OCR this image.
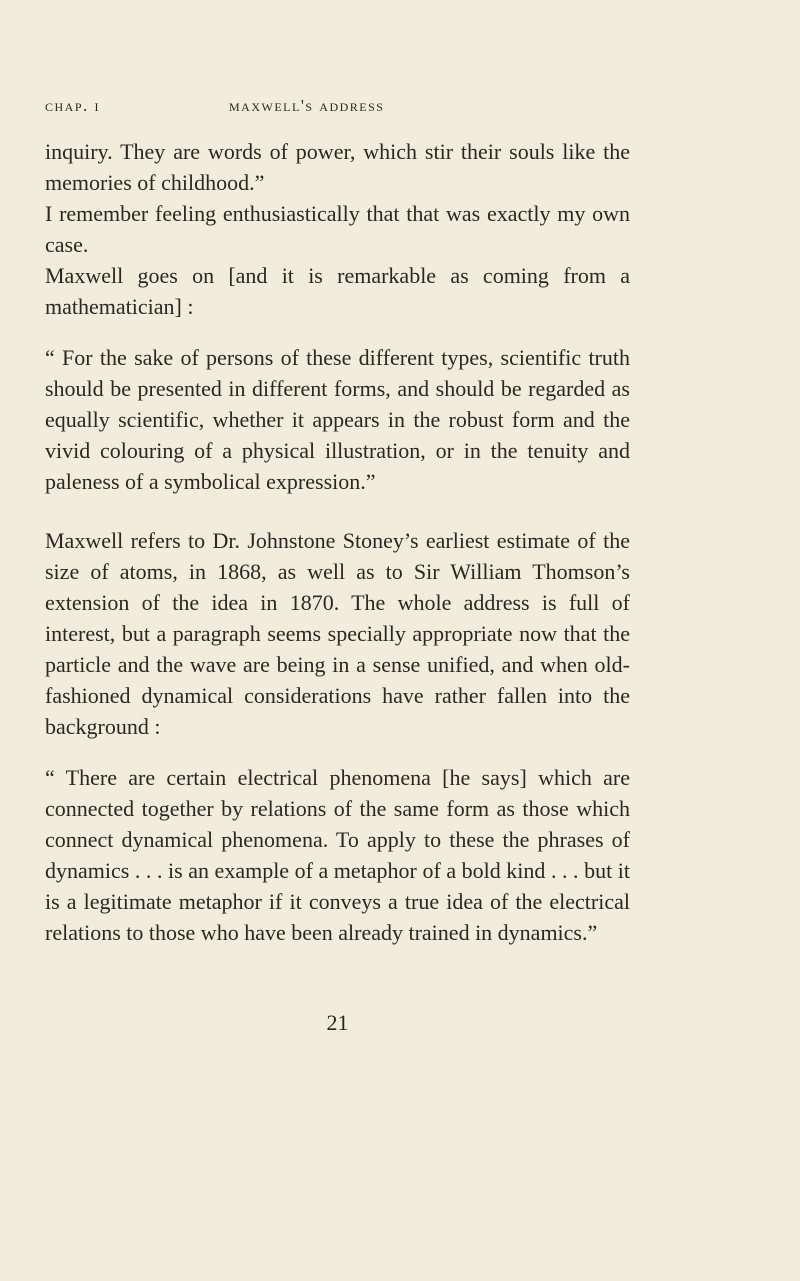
chap. i	maxwell's address

inquiry. They are words of power, which stir their souls like the memories of childhood.”

I remember feeling enthusiastically that that was exactly my own case.

Maxwell goes on [and it is remarkable as coming from a mathematician] :

“ For the sake of persons of these different types, scientific truth should be presented in different forms, and should be regarded as equally scientific, whether it appears in the robust form and the vivid colouring of a physical illustration, or in the tenuity and paleness of a symbolical expression.”

Maxwell refers to Dr. Johnstone Stoney’s earliest estimate of the size of atoms, in 1868, as well as to Sir William Thomson’s extension of the idea in 1870. The whole address is full of interest, but a paragraph seems specially appropriate now that the particle and the wave are being in a sense unified, and when old-fashioned dynamical considerations have rather fallen into the background :

“ There are certain electrical phenomena [he says] which are connected together by relations of the same form as those which connect dynamical phenomena. To apply to these the phrases of dynamics . . . is an example of a metaphor of a bold kind . . . but it is a legitimate metaphor if it conveys a true idea of the electrical relations to those who have been already trained in dynamics.”

21
